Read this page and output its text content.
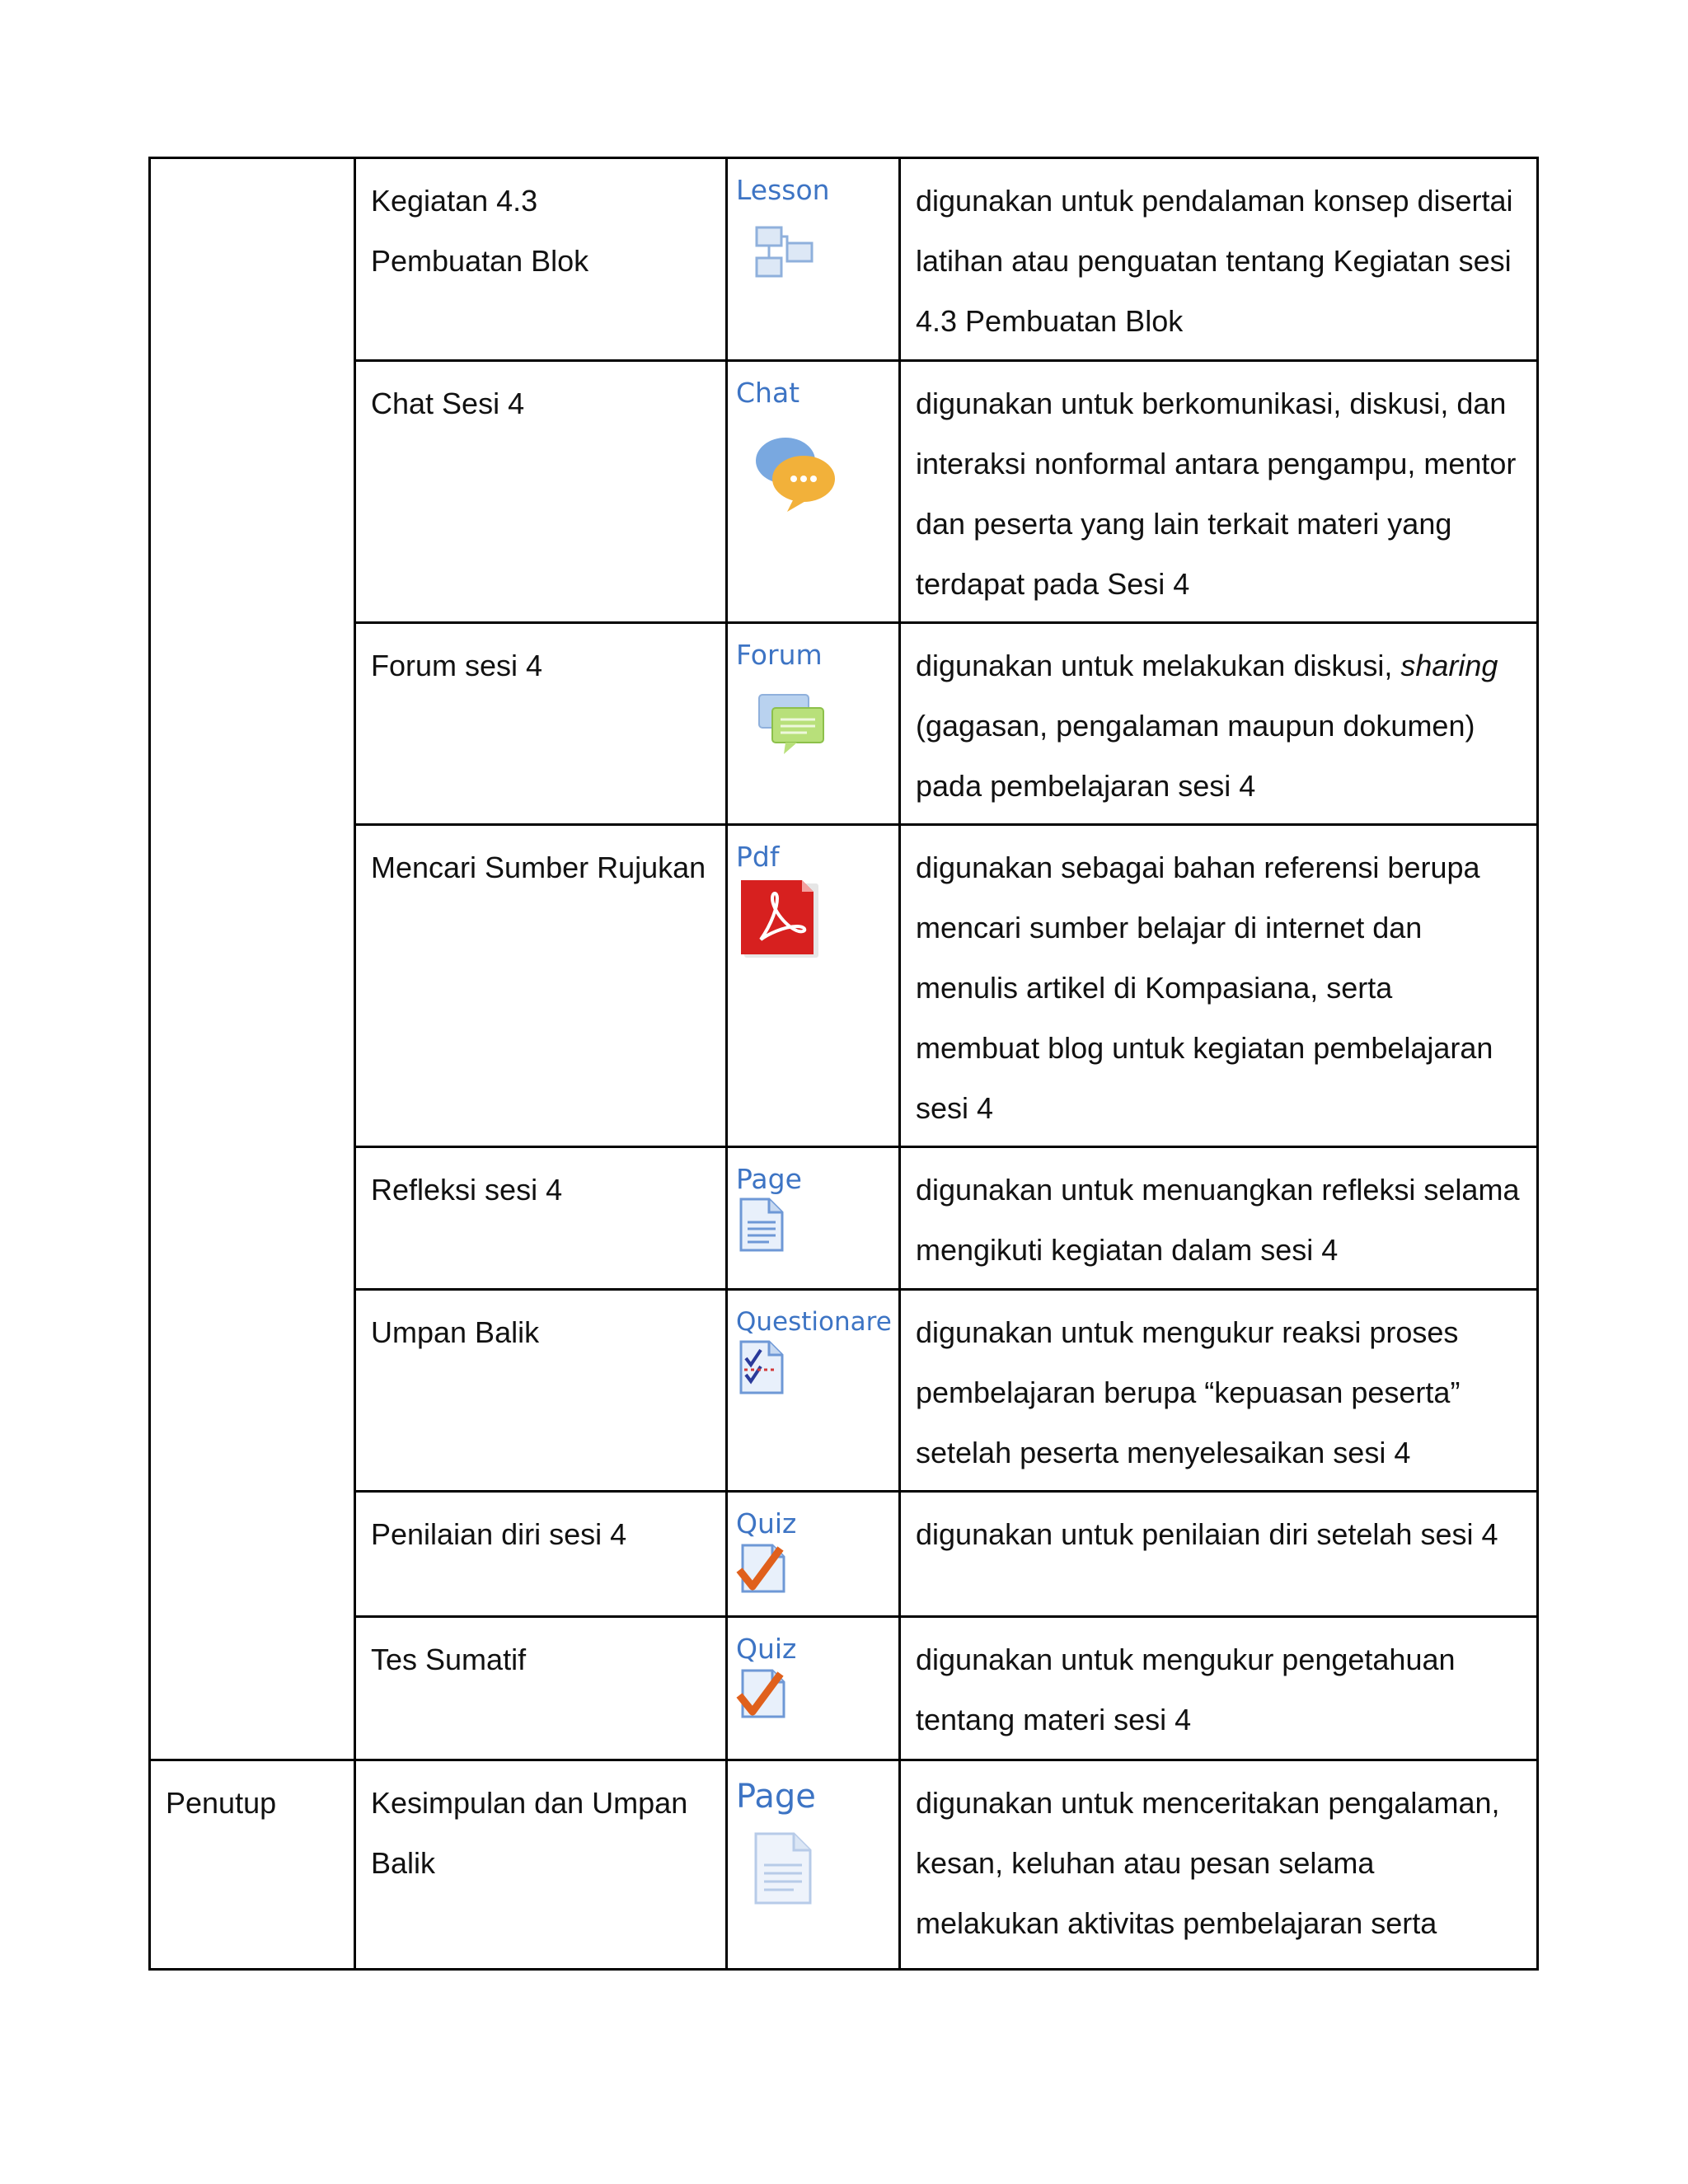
	Kegiatan 4.3 Pembuatan Blok	Lesson	digunakan untuk pendalaman konsep disertai latihan atau penguatan tentang Kegiatan sesi 4.3 Pembuatan Blok

	Chat Sesi 4	Chat	digunakan untuk berkomunikasi, diskusi, dan interaksi nonformal antara pengampu, mentor dan peserta yang lain terkait materi yang terdapat pada Sesi 4

	Forum sesi 4	Forum	digunakan untuk melakukan diskusi, sharing (gagasan, pengalaman maupun dokumen) pada pembelajaran sesi 4

	Mencari Sumber Rujukan	Pdf	digunakan sebagai bahan referensi berupa mencari sumber belajar di internet dan menulis artikel di Kompasiana, serta membuat blog untuk kegiatan pembelajaran sesi 4

	Refleksi sesi 4	Page	digunakan untuk menuangkan refleksi selama mengikuti kegiatan dalam sesi 4

	Umpan Balik	Questionare	digunakan untuk mengukur reaksi proses pembelajaran berupa “kepuasan peserta” setelah peserta menyelesaikan sesi 4

	Penilaian diri sesi 4	Quiz	digunakan untuk penilaian diri setelah sesi 4

	Tes Sumatif	Quiz	digunakan untuk mengukur pengetahuan tentang materi sesi 4

Penutup	Kesimpulan dan Umpan Balik	Page	digunakan untuk menceritakan pengalaman, kesan, keluhan atau pesan selama melakukan aktivitas pembelajaran serta
